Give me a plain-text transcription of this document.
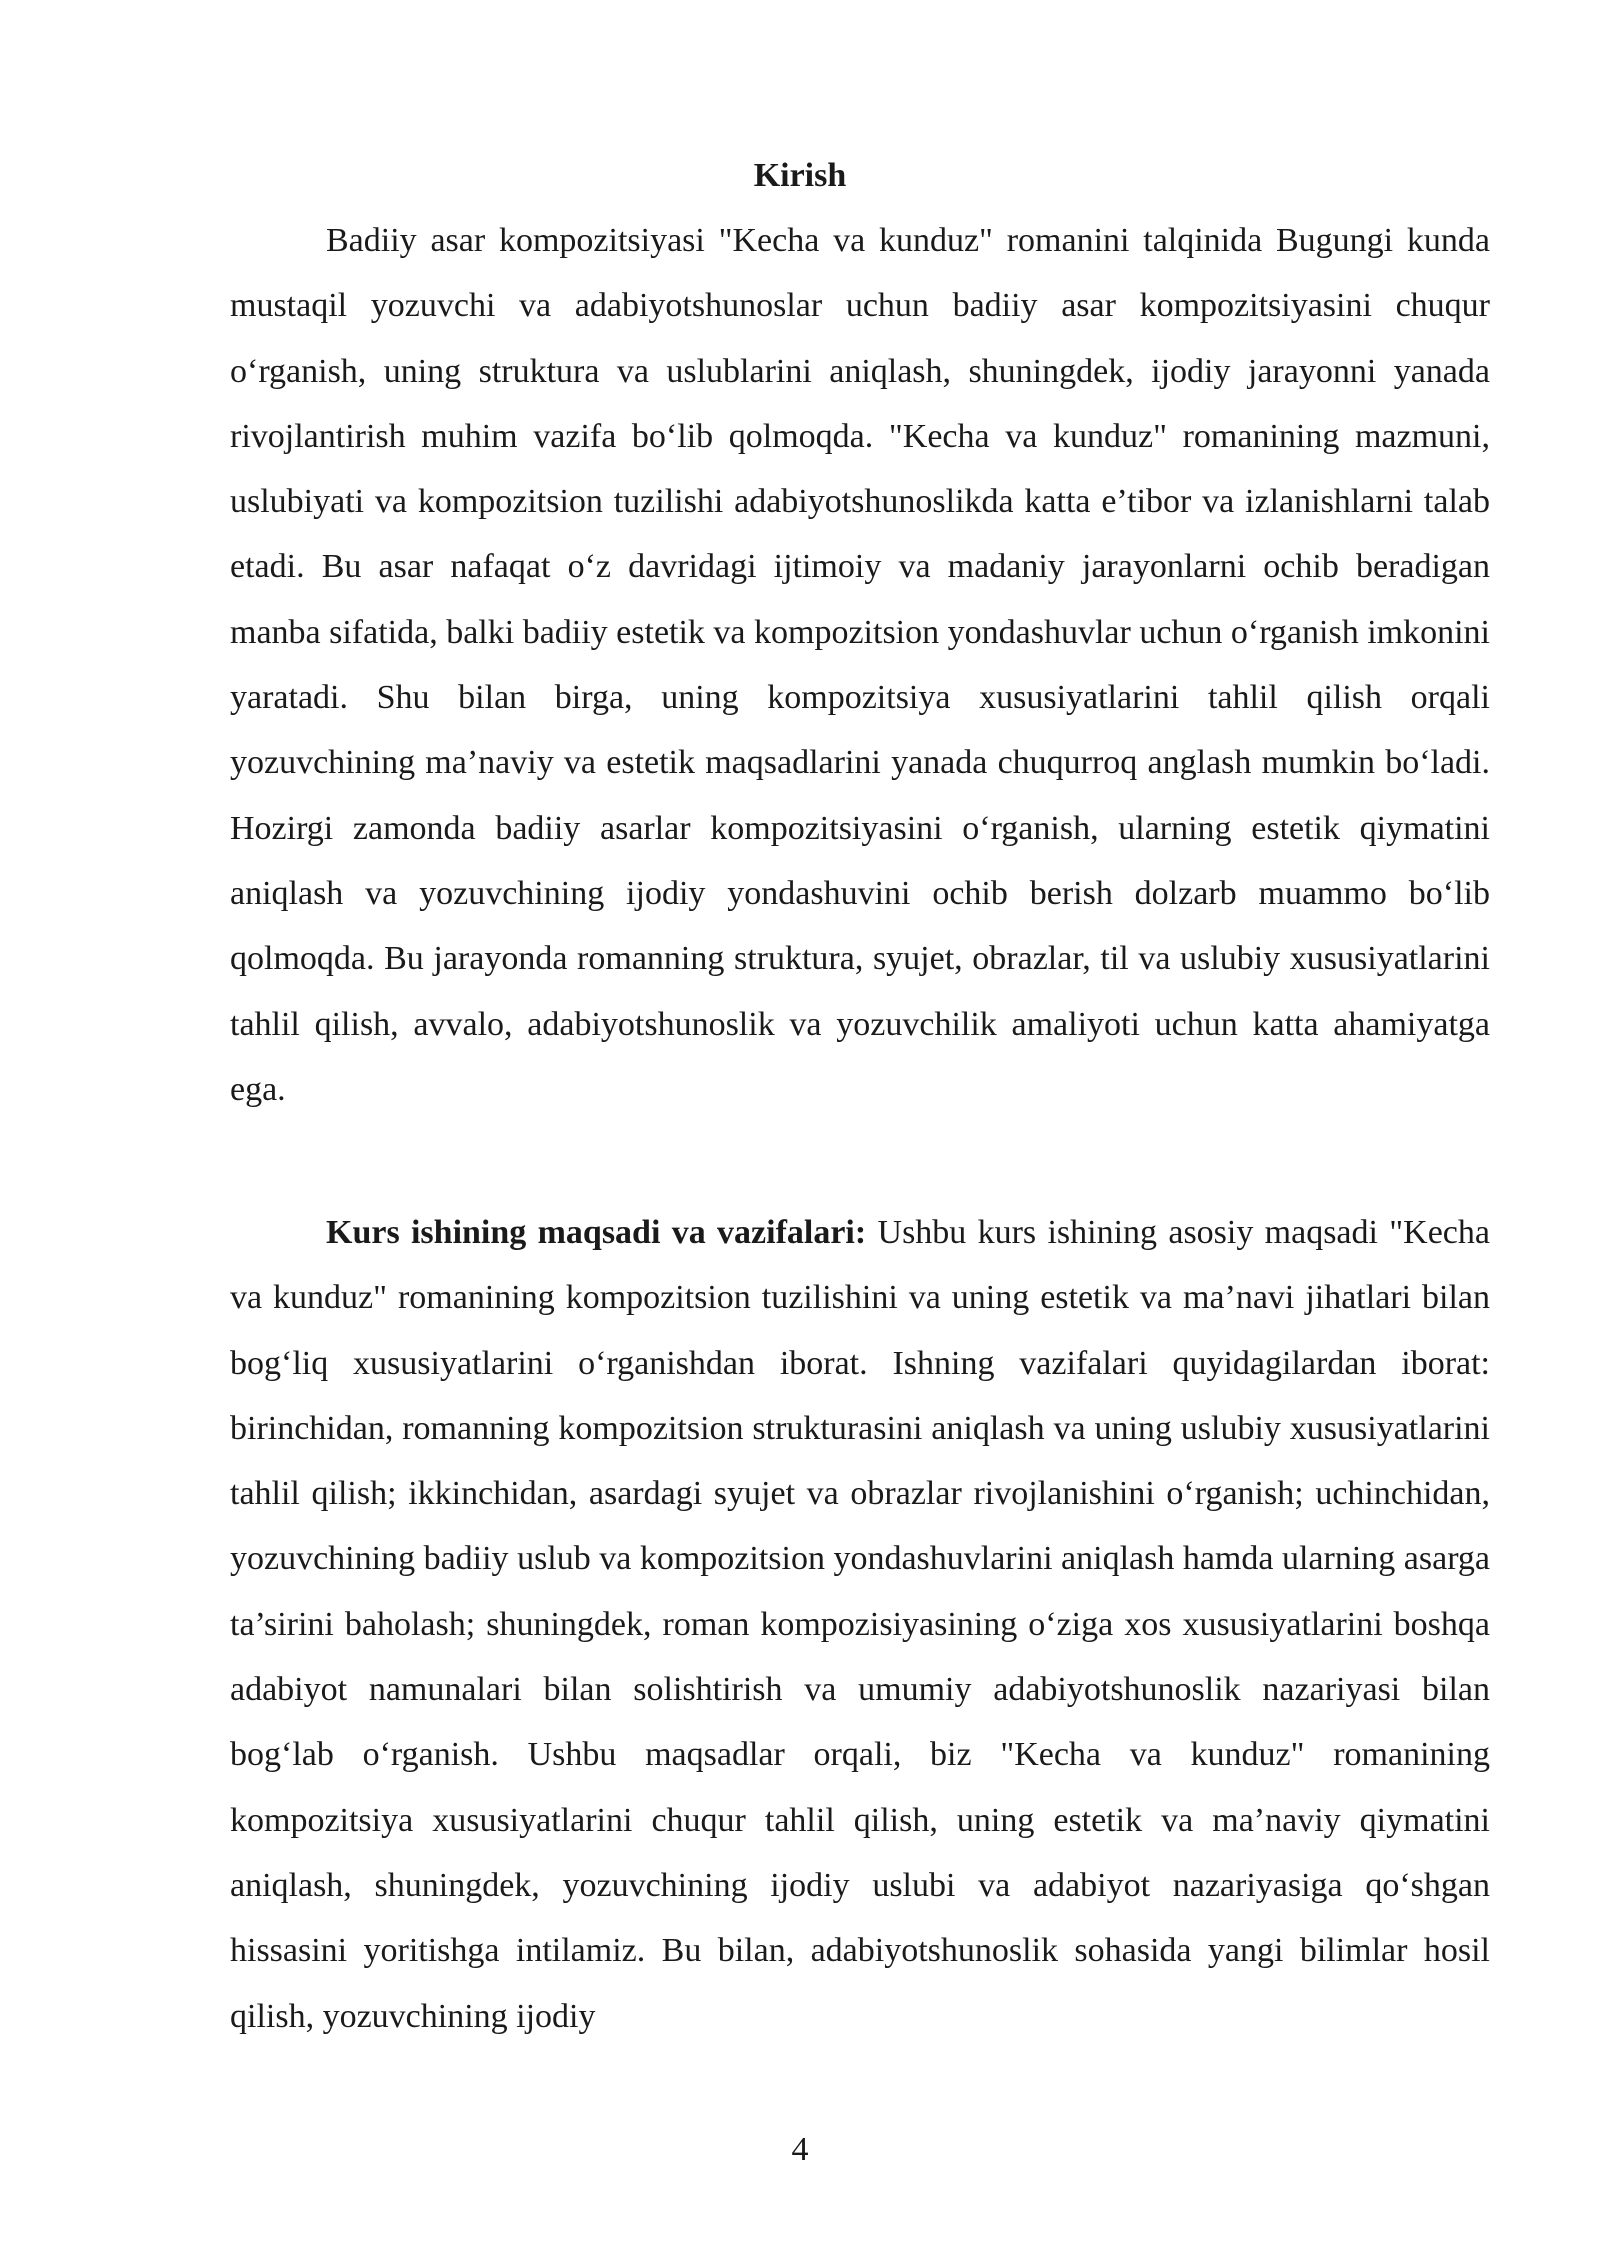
Kirish

Badiiy asar kompozitsiyasi "Kecha va kunduz" romanini talqinida Bugungi kunda mustaqil yozuvchi va adabiyotshunoslar uchun badiiy asar kompozitsiyasini chuqur o‘rganish, uning struktura va uslublarini aniqlash, shuningdek, ijodiy jarayonni yanada rivojlantirish muhim vazifa bo‘lib qolmoqda. "Kecha va kunduz" romanining mazmuni, uslubiyati va kompozitsion tuzilishi adabiyotshunoslikda katta e’tibor va izlanishlarni talab etadi. Bu asar nafaqat o‘z davridagi ijtimoiy va madaniy jarayonlarni ochib beradigan manba sifatida, balki badiiy estetik va kompozitsion yondashuvlar uchun o‘rganish imkonini yaratadi. Shu bilan birga, uning kompozitsiya xususiyatlarini tahlil qilish orqali yozuvchining ma’naviy va estetik maqsadlarini yanada chuqurroq anglash mumkin bo‘ladi. Hozirgi zamonda badiiy asarlar kompozitsiyasini o‘rganish, ularning estetik qiymatini aniqlash va yozuvchining ijodiy yondashuvini ochib berish dolzarb muammo bo‘lib qolmoqda. Bu jarayonda romanning struktura, syujet, obrazlar, til va uslubiy xususiyatlarini tahlil qilish, avvalo, adabiyotshunoslik va yozuvchilik amaliyoti uchun katta ahamiyatga ega.

Kurs ishining maqsadi va vazifalari: Ushbu kurs ishining asosiy maqsadi "Kecha va kunduz" romanining kompozitsion tuzilishini va uning estetik va ma’navi jihatlari bilan bog‘liq xususiyatlarini o‘rganishdan iborat. Ishning vazifalari quyidagilardan iborat: birinchidan, romanning kompozitsion strukturasini aniqlash va uning uslubiy xususiyatlarini tahlil qilish; ikkinchidan, asardagi syujet va obrazlar rivojlanishini o‘rganish; uchinchidan, yozuvchining badiiy uslub va kompozitsion yondashuvlarini aniqlash hamda ularning asarga ta’sirini baholash; shuningdek, roman kompozisiyasining o‘ziga xos xususiyatlarini boshqa adabiyot namunalari bilan solishtirish va umumiy adabiyotshunoslik nazariyasi bilan bog‘lab o‘rganish. Ushbu maqsadlar orqali, biz "Kecha va kunduz" romanining kompozitsiya xususiyatlarini chuqur tahlil qilish, uning estetik va ma’naviy qiymatini aniqlash, shuningdek, yozuvchining ijodiy uslubi va adabiyot nazariyasiga qo‘shgan hissasini yoritishga intilamiz. Bu bilan, adabiyotshunoslik sohasida yangi bilimlar hosil qilish, yozuvchining ijodiy

4
